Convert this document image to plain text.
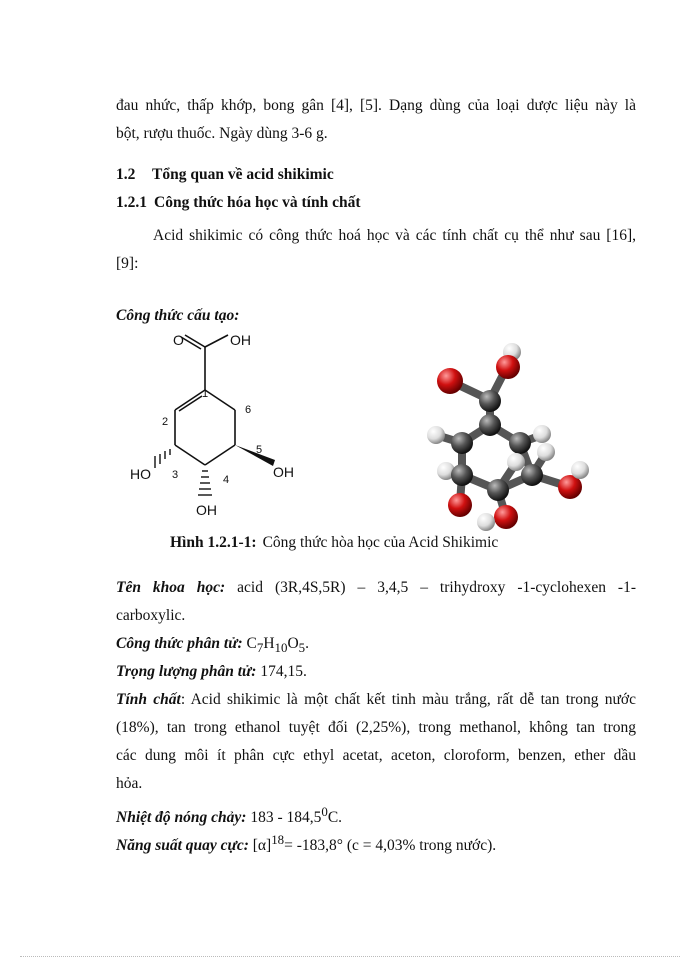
đau nhức, thấp khớp, bong gân [4], [5]. Dạng dùng của loại dược liệu này là

bột, rượu thuốc. Ngày dùng 3-6 g.

1.2 Tổng quan về acid shikimic
1.2.1 Công thức hóa học và tính chất

Acid shikimic có công thức hoá học và các tính chất cụ thể như sau [16],

[9]:

Công thức cấu tạo:

O	OH
C
HO
OH
OH
1
2
3	4
5
6
Hình 1.2.1-1: Công thức hòa học của Acid Shikimic

Tên khoa học: acid (3R,4S,5R) – 3,4,5 – trihydroxy -1-cyclohexen -1-

carboxylic.

Công thức phân tử: $C_7H_{10}O_5$.

Trọng lượng phân tử: 174,15.

Tính chất: Acid shikimic là một chất kết tinh màu trắng, rất dễ tan trong nước

(18%), tan trong ethanol tuyệt đối (2,25%), trong methanol, không tan trong

các dung môi ít phân cực ethyl acetat, aceton, cloroform, benzen, ether dầu

hỏa.

Nhiệt độ nóng chảy: 183 - 184,5$^0$C.

Năng suất quay cực: $[\alpha]^{18}= -183,8^\circ$ (c = 4,03% trong nước).
